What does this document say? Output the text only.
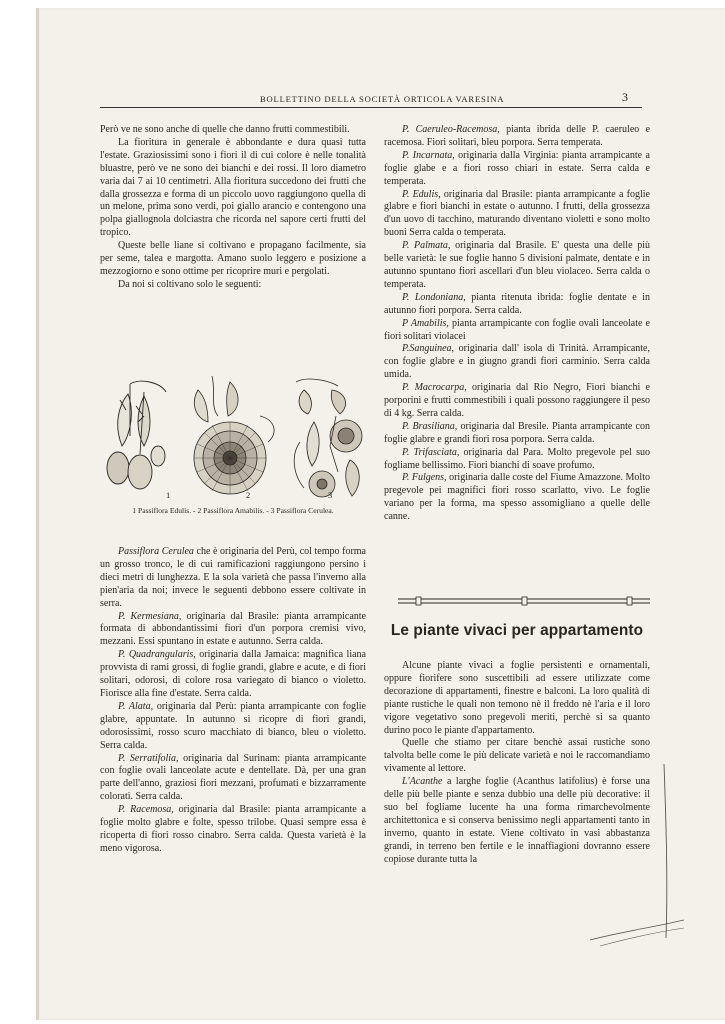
BOLLETTINO DELLA SOCIETÀ ORTICOLA VARESINA	3

Però ve ne sono anche di quelle che danno frutti commestibili.

La fioritura in generale è abbondante e dura quasi tutta l'estate. Graziosissimi sono i fiori il di cui colore è nelle tonalità bluastre, però ve ne sono dei bianchi e dei rossi. Il loro diametro varia dai 7 ai 10 centimetri. Alla fioritura succedono dei frutti che dalla grossezza e forma di un piccolo uovo raggiungono quella di un melone, prima sono verdi, poi giallo arancio e contengono una polpa giallognola dolciastra che ricorda nel sapore certi frutti del tropico.

Queste belle liane si coltivano e propagano facilmente, sia per seme, talea e margotta. Amano suolo leggero e posizione a mezzogiorno e sono ottime per ricoprire muri e pergolati.

Da noi si coltivano solo le seguenti:

1	2	3
1 Passiflora Edulis. - 2 Passiflora Amabilis. - 3 Passiflora Cerulea.

Passiflora Cerulea che è originaria del Perù, col tempo forma un grosso tronco, le di cui ramificazioni raggiungono persino i dieci metri di lunghezza. E la sola varietà che passa l'inverno alla pien'aria da noi; invece le seguenti debbono essere coltivate in serra.

P. Kermesiana, originaria dal Brasile: pianta arrampicante formata di abbondantissimi fiori d'un porpora cremisi vivo, mezzani. Essi spuntano in estate e autunno. Serra calda.

P. Quadrangularis, originaria dalla Jamaica: magnifica liana provvista di rami grossi, di foglie grandi, glabre e acute, e di fiori solitari, odorosi, di colore rosa variegato di bianco o violetto. Fiorisce alla fine d'estate. Serra calda.

P. Alata, originaria dal Perù: pianta arrampicante con foglie glabre, appuntate. In autunno si ricopre di fiori grandi, odorosissimi, rosso scuro macchiato di bianco, bleu o violetto. Serra calda.

P. Serratifolia, originaria dal Surinam: pianta arrampicante con foglie ovali lanceolate acute e dentellate. Dà, per una gran parte dell'anno, graziosi fiori mezzani, profumati e bizzarramente colorati. Serra calda.

P. Racemosa, originaria dal Brasile: pianta arrampicante a foglie molto glabre e folte, spesso trilobe. Quasi sempre essa è ricoperta di fiori rosso cinabro. Serra calda. Questa varietà è la meno vigorosa.

P. Caeruleo-Racemosa, pianta ibrida delle P. caeruleo e racemosa. Fiori solitari, bleu porpora. Serra temperata.

P. Incarnata, originaria dalla Virginia: pianta arrampicante a foglie glabe e a fiori rosso chiari in estate. Serra calda e temperata.

P. Edulis, originaria dal Brasile: pianta arrampicante a foglie glabre e fiori bianchi in estate o autunno. I frutti, della grossezza d'un uovo di tacchino, maturando diventano violetti e sono molto buoni Serra calda o temperata.

P. Palmata, originaria dal Brasile. E' questa una delle più belle varietà: le sue foglie hanno 5 divisioni palmate, dentate e in autunno spuntano fiori ascellari d'un bleu violaceo. Serra calda o temperata.

P. Londoniana, pianta ritenuta ibrida: foglie dentate e in autunno fiori porpora. Serra calda.

P Amabilis, pianta arrampicante con foglie ovali lanceolate e fiori solitari violacei

P.Sanguinea, originaria dall' isola di Trinità. Arrampicante, con foglie glabre e in giugno grandi fiori carminio. Serra calda umida.

P. Macrocarpa, originaria dal Rio Negro, Fiori bianchi e porporini e frutti commestibili i quali possono raggiungere il peso di 4 kg. Serra calda.

P. Brasiliana, originaria dal Bresile. Pianta arrampicante con foglie glabre e grandi fiori rosa porpora. Serra calda.

P. Trifasciata, originaria dal Para. Molto pregevole pel suo fogliame bellissimo. Fiori bianchi di soave profumo.

P. Fulgens, originaria dalle coste del Fiume Amazzone. Molto pregevole pei magnifici fiori rosso scarlatto, vivo. Le foglie variano per la forma, ma spesso assomigliano a quelle delle canne.

Le piante vivaci per appartamento

Alcune piante vivaci a foglie persistenti e ornamentali, oppure fiorifere sono suscettibili ad essere utilizzate come decorazione di appartamenti, finestre e balconi. La loro qualità di piante rustiche le quali non temono nè il freddo nè l'aria e il loro vigore vegetativo sono pregevoli meriti, perchè si sa quanto durino poco le piante d'appartamento.

Quelle che stiamo per citare benchè assai rustiche sono talvolta belle come le più delicate varietà e noi le raccomandiamo vivamente al lettore.

L'Acanthe a larghe foglie (Acanthus latifolius) è forse una delle più belle piante e senza dubbio una delle più decorative: il suo bel fogliame lucente ha una forma rimarchevolmente architettonica e si conserva benissimo negli appartamenti tanto in inverno, quanto in estate. Viene coltivato in vasi abbastanza grandi, in terreno ben fertile e le innaffiagioni dovranno essere copiose durante tutta la
